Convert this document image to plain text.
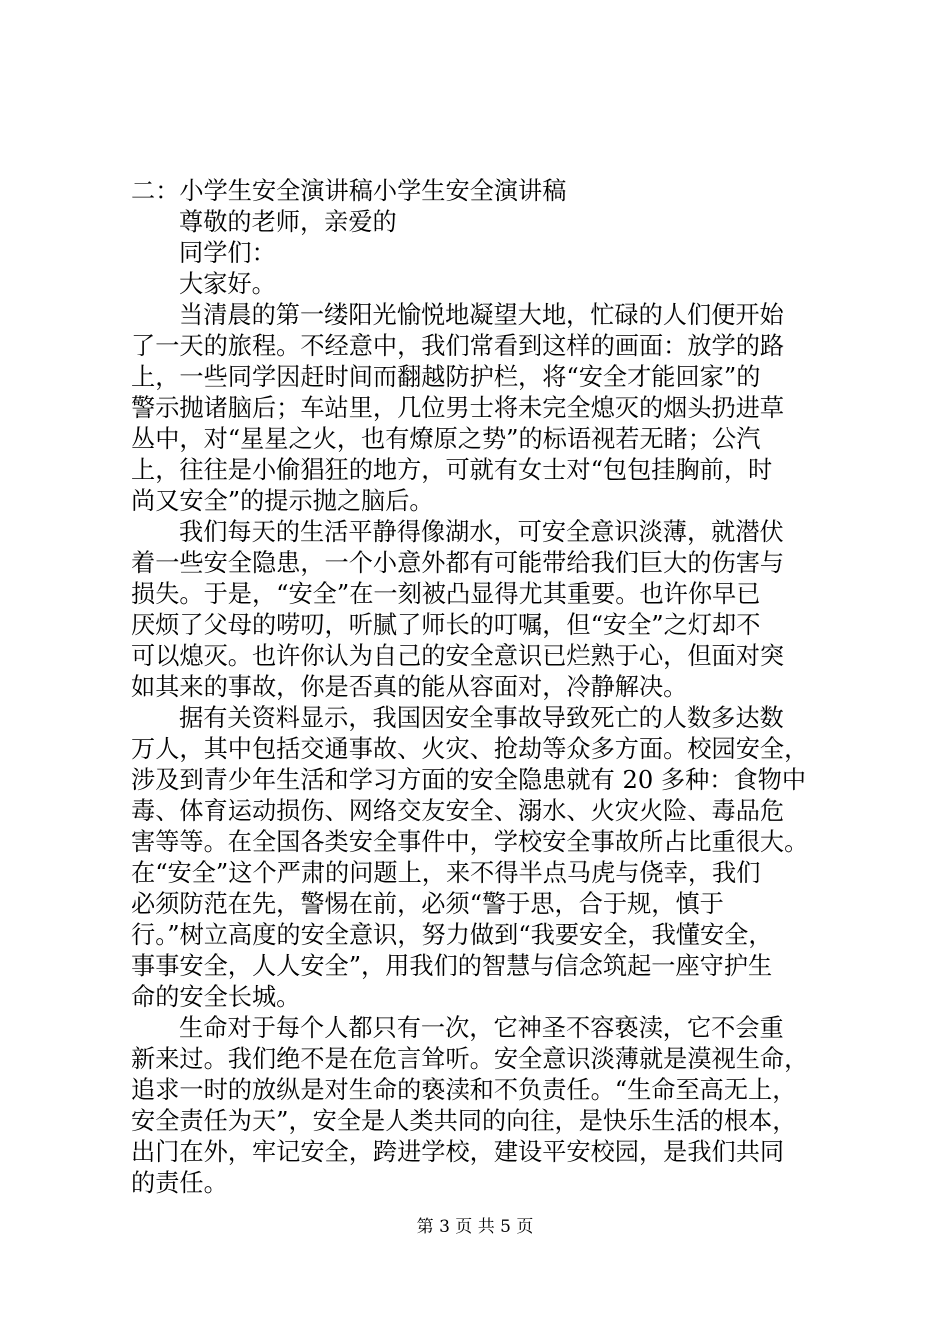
二：小学生安全演讲稿小学生安全演讲稿
尊敬的老师，亲爱的
同学们：
大家好。
当清晨的第一缕阳光愉悦地凝望大地，忙碌的人们便开始
了一天的旅程。不经意中，我们常看到这样的画面：放学的路
上，一些同学因赶时间而翻越防护栏，将“安全才能回家”的
警示抛诸脑后；车站里，几位男士将未完全熄灭的烟头扔进草
丛中，对“星星之火，也有燎原之势”的标语视若无睹；公汽
上，往往是小偷猖狂的地方，可就有女士对“包包挂胸前，时
尚又安全”的提示抛之脑后。
我们每天的生活平静得像湖水，可安全意识淡薄，就潜伏
着一些安全隐患，一个小意外都有可能带给我们巨大的伤害与
损失。于是，“安全”在一刻被凸显得尤其重要。也许你早已
厌烦了父母的唠叨，听腻了师长的叮嘱，但“安全”之灯却不
可以熄灭。也许你认为自己的安全意识已烂熟于心，但面对突
如其来的事故，你是否真的能从容面对，冷静解决。
据有关资料显示，我国因安全事故导致死亡的人数多达数
万人，其中包括交通事故、火灾、抢劫等众多方面。校园安全，
涉及到青少年生活和学习方面的安全隐患就有 20 多种：食物中
毒、体育运动损伤、网络交友安全、溺水、火灾火险、毒品危
害等等。在全国各类安全事件中，学校安全事故所占比重很大。
在“安全”这个严肃的问题上，来不得半点马虎与侥幸，我们
必须防范在先，警惕在前，必须“警于思，合于规，慎于
行。”树立高度的安全意识，努力做到“我要安全，我懂安全，
事事安全，人人安全”，用我们的智慧与信念筑起一座守护生
命的安全长城。
生命对于每个人都只有一次，它神圣不容亵渎，它不会重
新来过。我们绝不是在危言耸听。安全意识淡薄就是漠视生命，
追求一时的放纵是对生命的亵渎和不负责任。“生命至高无上，
安全责任为天”，安全是人类共同的向往，是快乐生活的根本，
出门在外，牢记安全，跨进学校，建设平安校园，是我们共同
的责任。
第 3 页 共 5 页
